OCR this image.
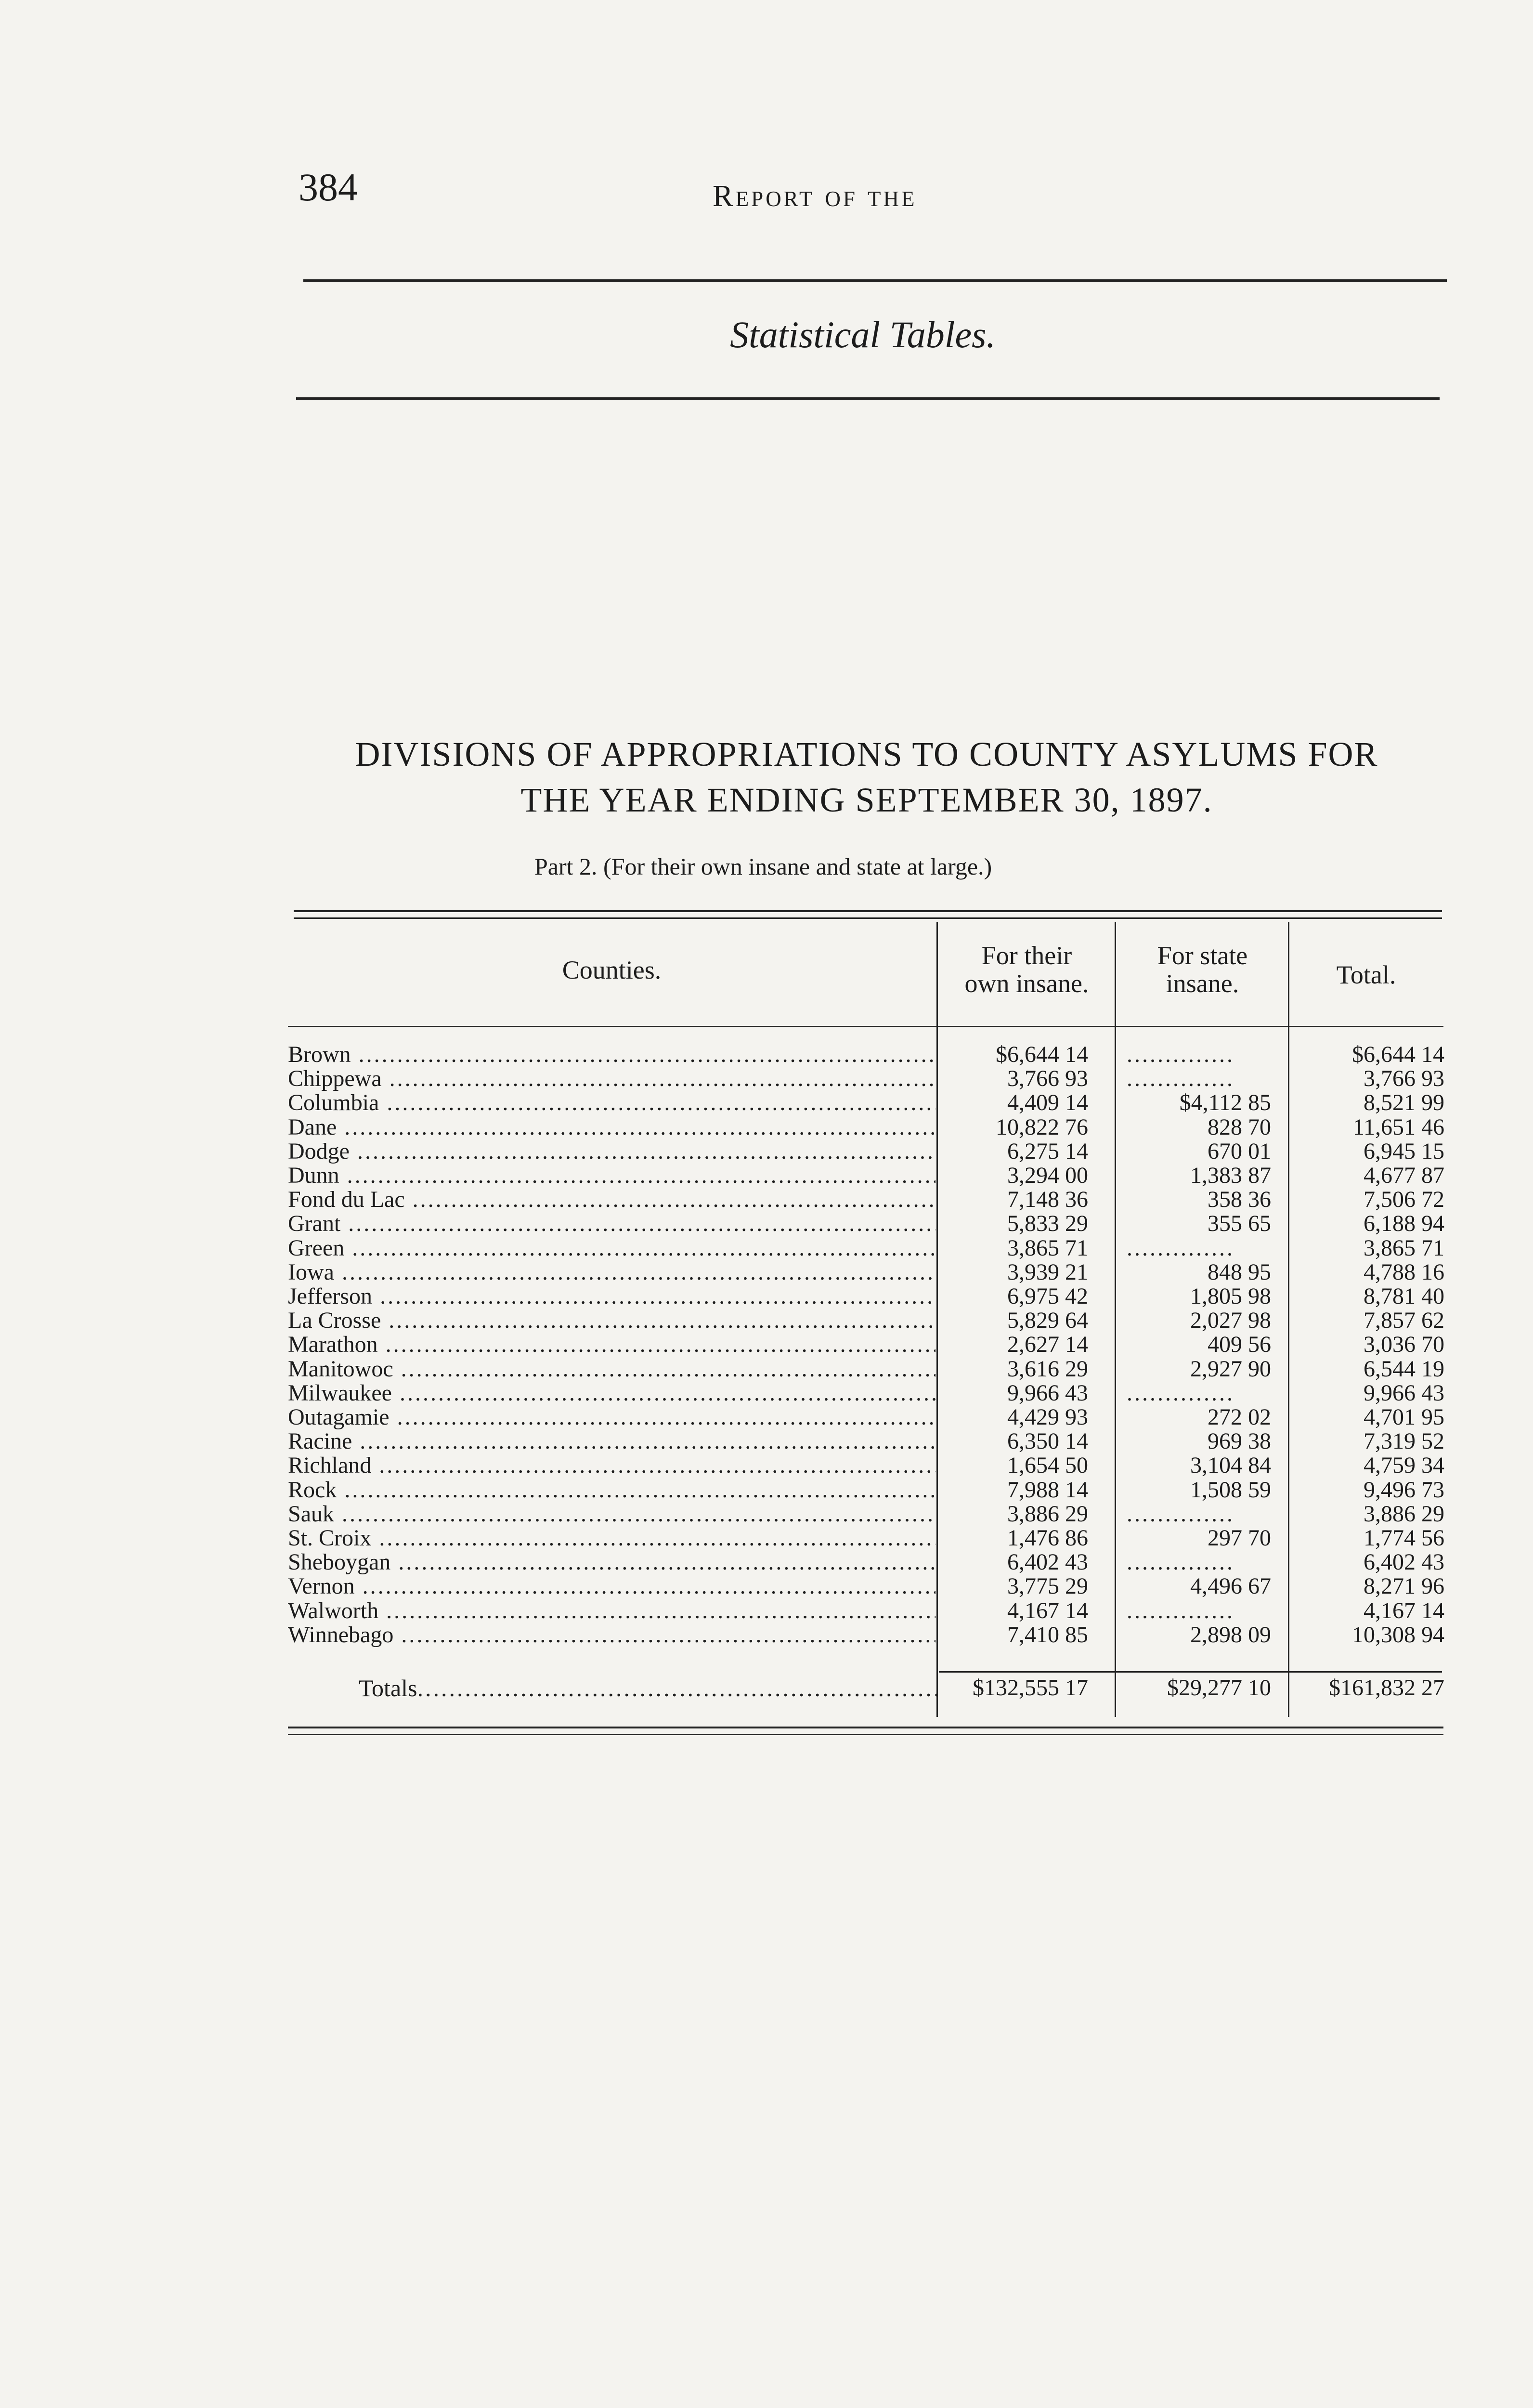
384	Report of the
Statistical Tables.
DIVISIONS OF APPROPRIATIONS TO COUNTY ASYLUMS FOR
THE YEAR ENDING SEPTEMBER 30, 1897.
Part 2. (For their own insane and state at large.)
Counties.	For their
own insane.
For state
insane.	Total.
Brown .....	$6,644 14 ..............	$6,644 14
Chippewa .....	3,766 93 ..............	3,766 93
Columbia .....	4,409 14	$4,112 85	8,521 99
Dane .....	10,822 76	828 70	11,651 46
Dodge .....	6,275 14	670 01	6,945 15
Dunn .....	3,294 00	1,383 87	4,677 87
Fond du Lac .....	7,148 36	358 36	7,506 72
Grant .....	5,833 29	355 65	6,188 94
Green .....	3,865 71 ..............	3,865 71
Iowa .....	3,939 21	848 95	4,788 16
Jefferson .....	6,975 42	1,805 98	8,781 40
La Crosse .....	5,829 64	2,027 98	7,857 62
Marathon .....	2,627 14	409 56	3,036 70
Manitowoc .....	3,616 29	2,927 90	6,544 19
Milwaukee .....	9,966 43 ..............	9,966 43
Outagamie .....	4,429 93	272 02	4,701 95
Racine .....	6,350 14	969 38	7,319 52
Richland .....	1,654 50	3,104 84	4,759 34
Rock .....	7,988 14	1,508 59	9,496 73
Sauk .....	3,886 29 ..............	3,886 29
St. Croix .....	1,476 86	297 70	1,774 56
Sheboygan .....	6,402 43 ..............	6,402 43
Vernon .....	3,775 29	4,496 67	8,271 96
Walworth .....	4,167 14 ..............	4,167 14
Winnebago .....	7,410 85	2,898 09	10,308 94
Totals .....	$132,555 17	$29,277 10	$161,832 27
